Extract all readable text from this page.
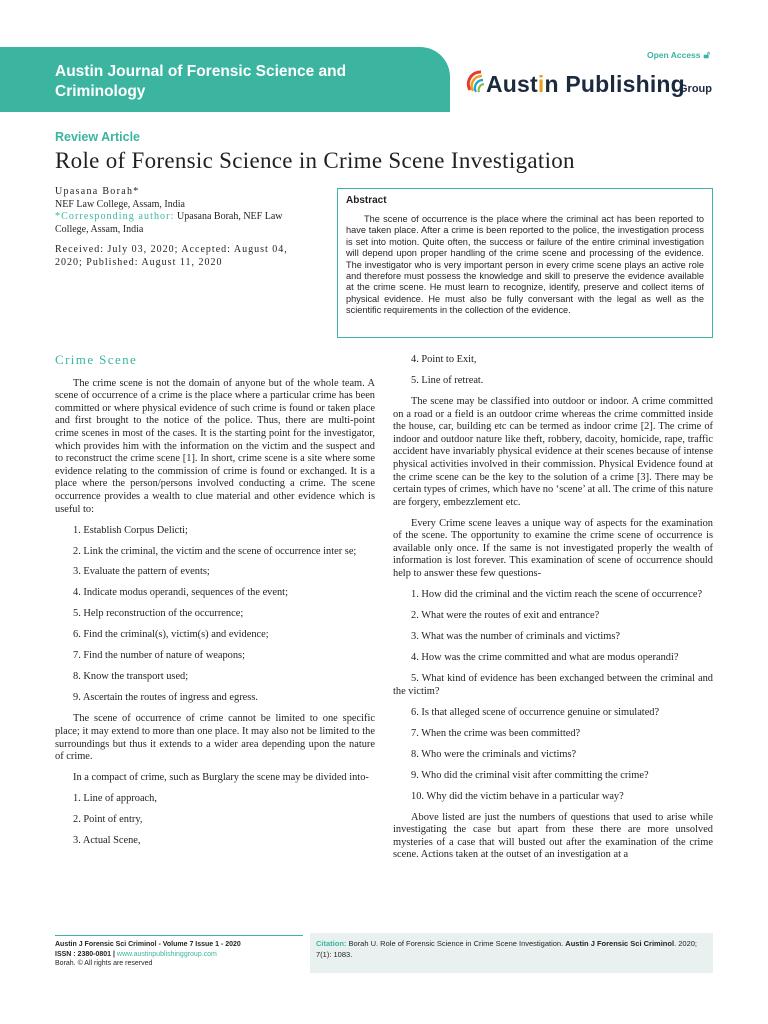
Open Access 🔓︎
Austin Journal of Forensic Science and
Criminology	Austin Publishing
Group
Review Article
Role of Forensic Science in Crime Scene Investigation

Upasana Borah*

NEF Law College, Assam, India

*Corresponding author: Upasana Borah, NEF Law College, Assam, India

Received: July 03, 2020; Accepted: August 04, 2020; Published: August 11, 2020

Abstract

The scene of occurrence is the place where the criminal act has been reported to have taken place. After a crime is been reported to the police, the investigation process is set into motion. Quite often, the success or failure of the entire criminal investigation will depend upon proper handling of the crime scene and processing of the evidence. The investigator who is very important person in every crime scene plays an active role and therefore must possess the knowledge and skill to preserve the evidence available at the crime scene. He must learn to recognize, identify, preserve and collect items of physical evidence. He must also be fully conversant with the legal as well as the scientific requirements in the collection of the evidence.

Crime Scene

The crime scene is not the domain of anyone but of the whole team. A scene of occurrence of a crime is the place where a particular crime has been committed or where physical evidence of such crime is found or taken place and first brought to the notice of the police. Thus, there are multi-point crime scenes in most of the cases. It is the starting point for the investigator, which provides him with the information on the victim and the suspect and to reconstruct the crime scene [1]. In short, crime scene is a site where some evidence relating to the commission of crime is found or exchanged. It is a place where the person/persons involved conducting a crime. The scene occurrence provides a wealth to clue material and other evidence which is useful to:

1. Establish Corpus Delicti;

2. Link the criminal, the victim and the scene of occurrence inter se;

3. Evaluate the pattern of events;

4. Indicate modus operandi, sequences of the event;

5. Help reconstruction of the occurrence;

6. Find the criminal(s), victim(s) and evidence;

7. Find the number of nature of weapons;

8. Know the transport used;

9. Ascertain the routes of ingress and egress.

The scene of occurrence of crime cannot be limited to one specific place; it may extend to more than one place. It may also not be limited to the surroundings but thus it extends to a wider area depending upon the nature of crime.

In a compact of crime, such as Burglary the scene may be divided into-

1. Line of approach,

2. Point of entry,

3. Actual Scene,

4. Point to Exit,

5. Line of retreat.

The scene may be classified into outdoor or indoor. A crime committed on a road or a field is an outdoor crime whereas the crime committed inside the house, car, building etc can be termed as indoor crime [2]. The crime of indoor and outdoor nature like theft, robbery, dacoity, homicide, rape, traffic accident have invariably physical evidence at their scenes because of intense physical activities involved in their commission. Physical Evidence found at the crime scene can be the key to the solution of a crime [3]. There may be certain types of crimes, which have no ‘scene’ at all. The crime of this nature are forgery, embezzlement etc.

Every Crime scene leaves a unique way of aspects for the examination of the scene. The opportunity to examine the crime scene of occurrence is available only once. If the same is not investigated properly the wealth of information is lost forever. This examination of scene of occurrence should help to answer these few questions-

1. How did the criminal and the victim reach the scene of occurrence?

2. What were the routes of exit and entrance?

3. What was the number of criminals and victims?

4. How was the crime committed and what are modus operandi?

5. What kind of evidence has been exchanged between the criminal and the victim?

6. Is that alleged scene of occurrence genuine or simulated?

7. When the crime was been committed?

8. Who were the criminals and victims?

9. Who did the criminal visit after committing the crime?

10. Why did the victim behave in a particular way?

Above listed are just the numbers of questions that used to arise while investigating the case but apart from these there are more unsolved mysteries of a case that will busted out after the examination of the crime scene. Actions taken at the outset of an investigation at a

Austin J Forensic Sci Criminol - Volume 7 Issue 1 - 2020
ISSN : 2380-0801 | www.austinpublishinggroup.com
Borah. © All rights are reserved
Citation: Borah U. Role of Forensic Science in Crime Scene Investigation. Austin J Forensic Sci Criminol. 2020; 7(1): 1083.
